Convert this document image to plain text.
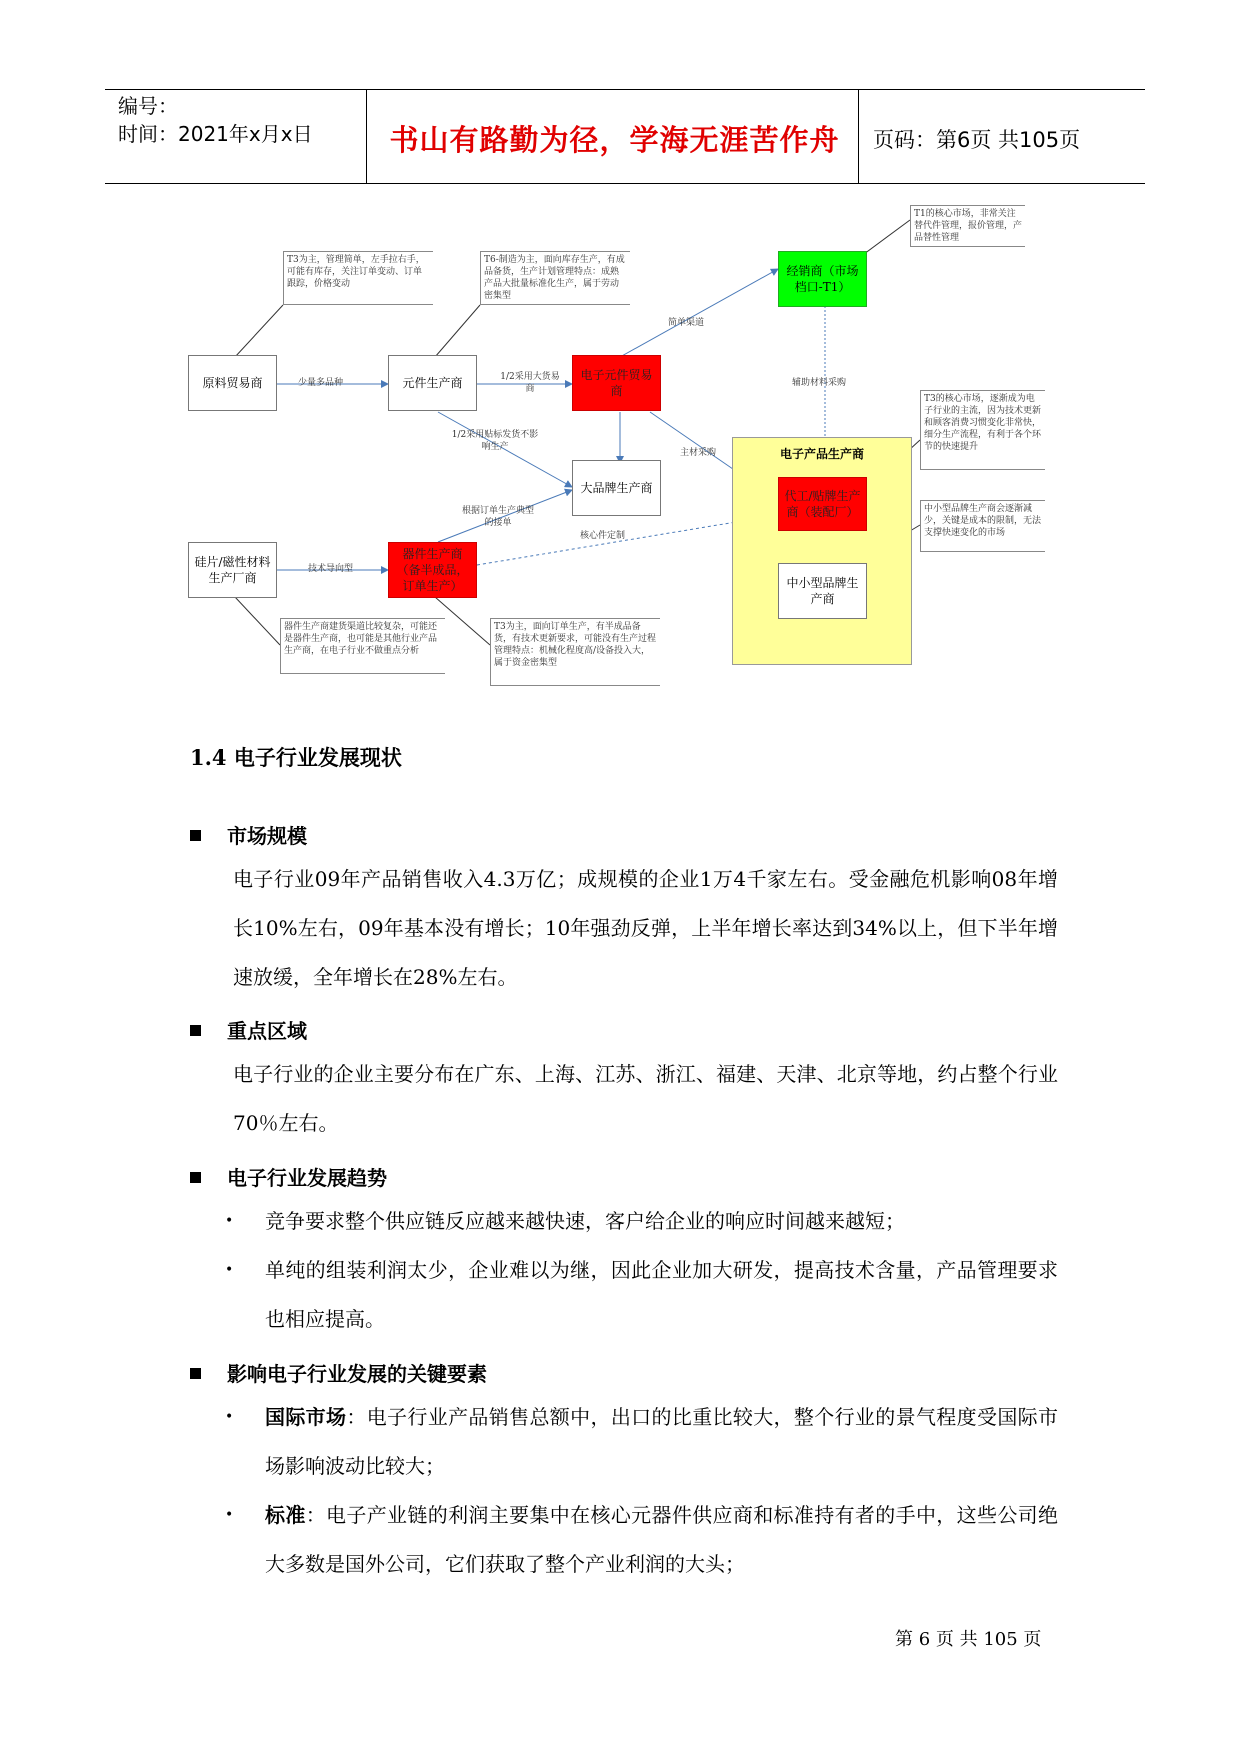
编号：
时间：2021年x月x日	书山有路勤为径，学海无涯苦作舟	页码：第6页 共105页
原料贸易商	元件生产商
电子元件贸易商
经销商（市场档口-T1）
大品牌生产商
硅片/磁性材料生产厂商
器件生产商（备半成品，订单生产）
电子产品生产商
代工/贴牌生产商（装配厂）
中小型品牌生产商
T3为主，管理简单，左手拉右手，可能有库存，关注订单变动、订单跟踪，价格变动
T6-制造为主，面向库存生产，有成品备货，生产计划管理特点：成熟产品大批量标准化生产，属于劳动密集型
T1的核心市场，非常关注替代件管理，报价管理，产品替性管理
T3的核心市场，逐渐成为电子行业的主流，因为技术更新和顾客消费习惯变化非常快，细分生产流程，有利于各个环节的快速提升
中小型品牌生产商会逐渐减少，关键是成本的限制，无法支撑快速变化的市场
器件生产商建货渠道比较复杂，可能还是器件生产商，也可能是其他行业产品生产商，在电子行业不做重点分析
T3为主，面向订单生产，有半成品备货，有技术更新要求，可能没有生产过程管理特点：机械化程度高/设备投入大，属于资金密集型
少量多品种
1/2采用大货易商
简单渠道
辅助材料采购
1/2采用贴标发货不影响生产
主材采购
根据订单生产典型的接单
核心件定制
技术导向型
1.4 电子行业发展现状
市场规模
电子行业09年产品销售收入4.3万亿；成规模的企业1万4千家左右。受金融危机影响08年增长10%左右，09年基本没有增长；10年强劲反弹，上半年增长率达到34%以上，但下半年增速放缓，全年增长在28%左右。
重点区域
电子行业的企业主要分布在广东、上海、江苏、浙江、福建、天津、北京等地，约占整个行业70％左右。
电子行业发展趋势
• 竞争要求整个供应链反应越来越快速，客户给企业的响应时间越来越短；
• 单纯的组装利润太少，企业难以为继，因此企业加大研发，提高技术含量，产品管理要求也相应提高。
影响电子行业发展的关键要素
• 国际市场：电子行业产品销售总额中，出口的比重比较大，整个行业的景气程度受国际市场影响波动比较大；
• 标准：电子产业链的利润主要集中在核心元器件供应商和标准持有者的手中，这些公司绝大多数是国外公司，它们获取了整个产业利润的大头；
第 6 页 共 105 页
